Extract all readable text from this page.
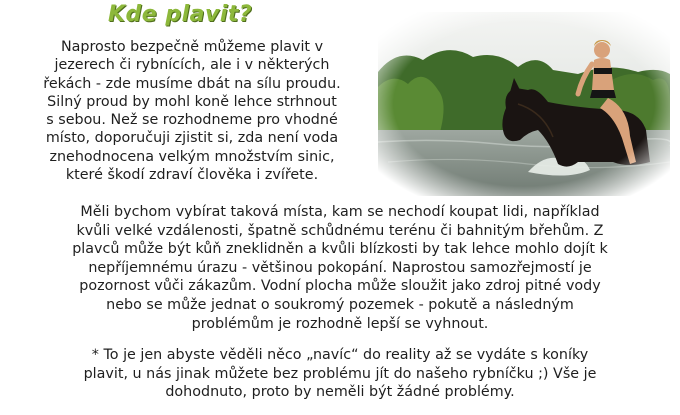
Kde plavit?
Naprosto bezpečně můžeme plavit v
jezerech či rybnících, ale i v některých
řekách - zde musíme dbát na sílu proudu.
Silný proud by mohl koně lehce strhnout
s sebou. Než se rozhodneme pro vhodné
místo, doporučuji zjistit si, zda není voda
znehodnocena velkým množstvím sinic,
které škodí zdraví člověka i zvířete.
Měli bychom vybírat taková místa, kam se nechodí koupat lidi, například
kvůli velké vzdálenosti, špatně schůdnému terénu či bahnitým břehům. Z
plavců může být kůň zneklidněn a kvůli blízkosti by tak lehce mohlo dojít k
nepříjemnému úrazu - většinou pokopání. Naprostou samozřejmostí je
pozornost vůči zákazům. Vodní plocha může sloužit jako zdroj pitné vody
nebo se může jednat o soukromý pozemek - pokutě a následným
problémům je rozhodně lepší se vyhnout.
* To je jen abyste věděli něco „navíc“ do reality až se vydáte s koníky
plavit, u nás jinak můžete bez problému jít do našeho rybníčku ;) Vše je
dohodnuto, proto by neměli být žádné problémy.
